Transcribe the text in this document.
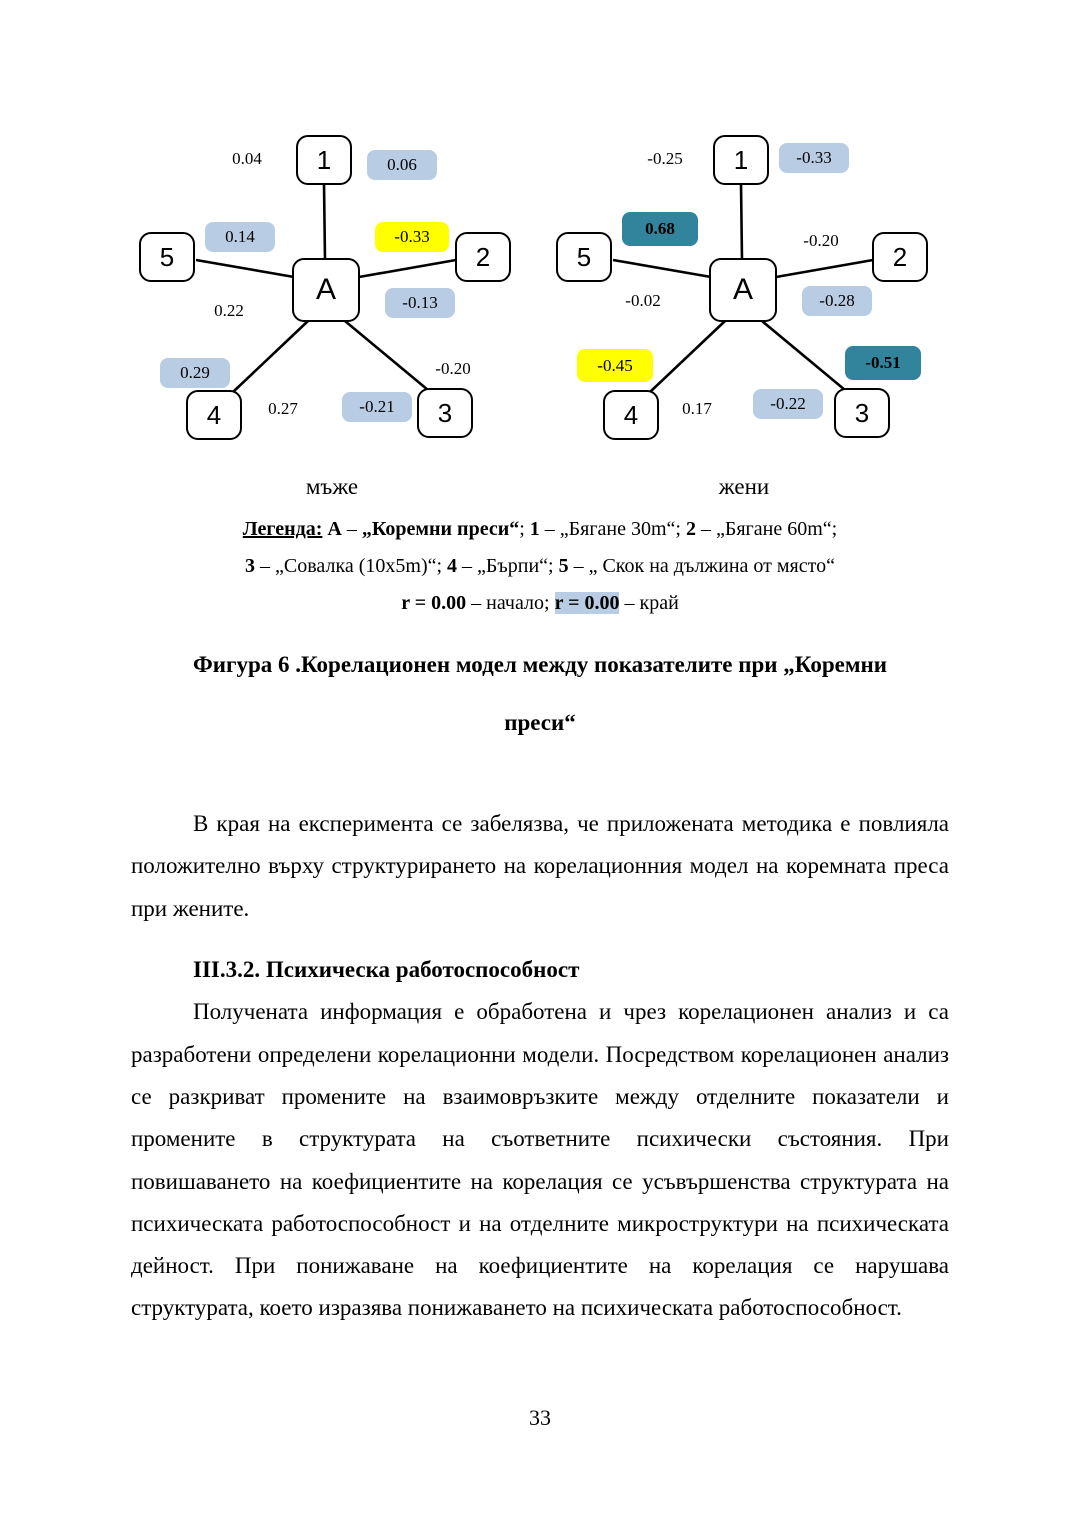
1
5	2
A
4	3
0.04	0.06
0.14	-0.33
-0.13
0.22
0.29	-0.20
0.27	-0.21
мъже
1
5	2
A
4	3
-0.25	-0.33
0.68
-0.20
-0.02	-0.28
-0.45	-0.51
0.17	-0.22
жени
Легенда: А – „Коремни преси“; 1 – „Бягане 30m“; 2 – „Бягане 60m“;
3 – „Совалка (10x5m)“; 4 – „Бърпи“; 5 – „ Скок на дължина от място“
r = 0.00 – начало; r = 0.00 – край
Фигура 6 .Корелационен модел между показателите при „Коремни
преси“

В края на експеримента се забелязва, че приложената методика е повлияла положително върху структурирането на корелационния модел на коремната преса при жените.

III.3.2. Психическа работоспособност

Получената информация е обработена и чрез корелационен анализ и са разработени определени корелационни модели. Посредством корелационен анализ се разкриват промените на взаимовръзките между отделните показатели и промените в структурата на съответните психически състояния. При повишаването на коефициентите на корелация се усъвършенства структурата на психическата работоспособност и на отделните микроструктури на психическата дейност. При понижаване на коефициентите на корелация се нарушава структурата, което изразява понижаването на психическата работоспособност.

33
